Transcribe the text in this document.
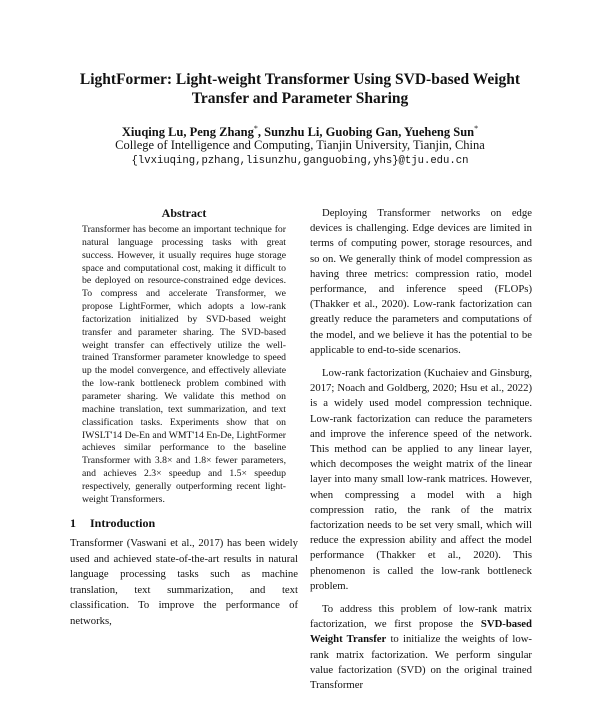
LightFormer: Light-weight Transformer Using SVD-based Weight Transfer and Parameter Sharing
Xiuqing Lu, Peng Zhang*, Sunzhu Li, Guobing Gan, Yueheng Sun*
College of Intelligence and Computing, Tianjin University, Tianjin, China
{lvxiuqing,pzhang,lisunzhu,ganguobing,yhs}@tju.edu.cn
Abstract
Transformer has become an important technique for natural language processing tasks with great success. However, it usually requires huge storage space and computational cost, making it difficult to be deployed on resource-constrained edge devices. To compress and accelerate Transformer, we propose LightFormer, which adopts a low-rank factorization initialized by SVD-based weight transfer and parameter sharing. The SVD-based weight transfer can effectively utilize the well-trained Transformer parameter knowledge to speed up the model convergence, and effectively alleviate the low-rank bottleneck problem combined with parameter sharing. We validate this method on machine translation, text summarization, and text classification tasks. Experiments show that on IWSLT'14 De-En and WMT'14 En-De, LightFormer achieves similar performance to the baseline Transformer with 3.8× and 1.8× fewer parameters, and achieves 2.3× speedup and 1.5× speedup respectively, generally outperforming recent light-weight Transformers.
1 Introduction
Transformer (Vaswani et al., 2017) has been widely used and achieved state-of-the-art results in natural language processing tasks such as machine translation, text summarization, and text classification. To improve the performance of networks,

Deploying Transformer networks on edge devices is challenging. Edge devices are limited in terms of computing power, storage resources, and so on. We generally think of model compression as having three metrics: compression ratio, model performance, and inference speed (FLOPs) (Thakker et al., 2020). Low-rank factorization can greatly reduce the parameters and computations of the model, and we believe it has the potential to be applicable to end-to-side scenarios.

Low-rank factorization (Kuchaiev and Ginsburg, 2017; Noach and Goldberg, 2020; Hsu et al., 2022) is a widely used model compression technique. Low-rank factorization can reduce the parameters and improve the inference speed of the network. This method can be applied to any linear layer, which decomposes the weight matrix of the linear layer into many small low-rank matrices. However, when compressing a model with a high compression ratio, the rank of the matrix factorization needs to be set very small, which will reduce the expression ability and affect the model performance (Thakker et al., 2020). This phenomenon is called the low-rank bottleneck problem.

To address this problem of low-rank matrix factorization, we first propose the SVD-based Weight Transfer to initialize the weights of low-rank matrix factorization. We perform singular value factorization (SVD) on the original trained Transformer
